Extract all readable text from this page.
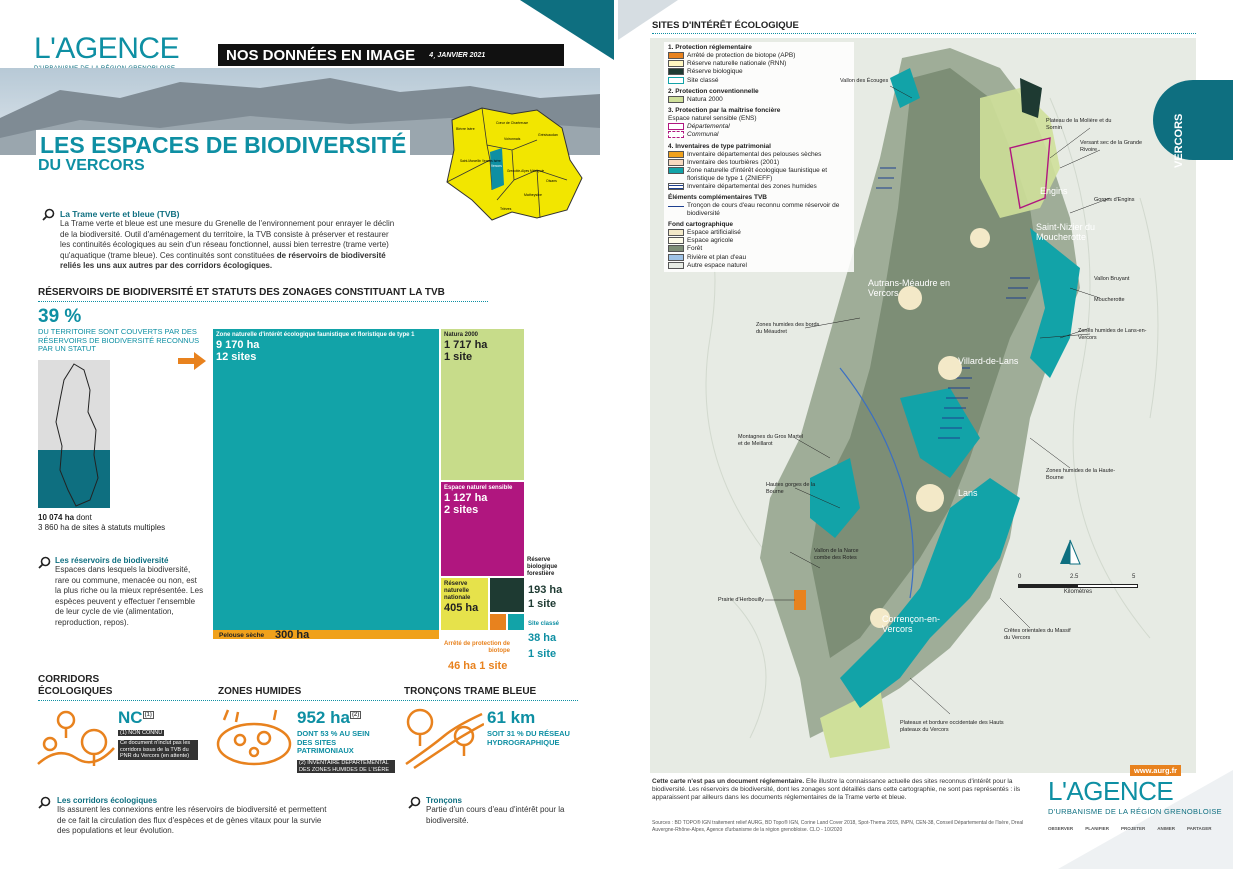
L'AGENCE	NOS DONNÉES EN IMAGE 4¸ JANVIER 2021
LES ESPACES DE BIODIVERSITÉ
DU VERCORS
Bièvre Isère
Cœur de Chartreuse
Grésivaudan
Saint-Marcellin Vercors Isère
Vercors
Grenoble-Alpes Métropole
Oisans
Trièves
Matheysine
Voironnais
La Trame verte et bleue (TVB)
La Trame verte et bleue est une mesure du Grenelle de l'environnement pour enrayer le déclin de la biodiversité. Outil d'aménagement du territoire, la TVB consiste à préserver et restaurer les continuités écologiques au sein d'un réseau fonctionnel, aussi bien terrestre (trame verte) qu'aquatique (trame bleue). Ces continuités sont constituées de réservoirs de biodiversité reliés les uns aux autres par des corridors écologiques.
RÉSERVOIRS DE BIODIVERSITÉ ET STATUTS DES ZONAGES CONSTITUANT LA TVB
39 %
DU TERRITOIRE SONT COUVERTS PAR DES RÉSERVOIRS DE BIODIVERSITÉ RECONNUS PAR UN STATUT
10 074 ha dont
3 860 ha de sites à statuts multiples
Les réservoirs de biodiversité
Espaces dans lesquels la biodiversité, rare ou commune, menacée ou non, est la plus riche ou la mieux représentée. Les espèces peuvent y effectuer l'ensemble de leur cycle de vie (alimentation, reproduction, repos).
Zone naturelle d'intérêt écologique faunistique et floristique de type 1
9 170 ha
12 sites
Natura 2000
1 717 ha
1 site
Espace naturel sensible
1 127 ha
2 sites
Réserve naturelle nationale
405 ha
Pelouse sèche 300 ha
Réserve biologique forestière
193 ha
1 site
Site classé
38 ha
1 site
Arrêté de protection de biotope
46 ha 1 site
CORRIDORS ÉCOLOGIQUES	ZONES HUMIDES	TRONÇONS TRAME BLEUE
NC $^{(1)}$
(1) NON CONNU
Ce document n'inclut pas les corridors issus de la TVB du PNR du Vercors (en attente)
952 ha $^{(2)}$
DONT 53 % AU SEIN DES SITES PATRIMONIAUX
(2) INVENTAIRE DÉPARTEMENTAL DES ZONES HUMIDES DE L'ISÈRE
61 km
SOIT 31 % DU RÉSEAU HYDROGRAPHIQUE
Les corridors écologiques
Ils assurent les connexions entre les réservoirs de biodiversité et permettent de ce fait la circulation des flux d'espèces et de gènes vitaux pour la survie des populations et leur évolution.
Tronçons
Partie d'un cours d'eau d'intérêt pour la biodiversité.
SITES D'INTÉRÊT ÉCOLOGIQUE
1. Protection réglementaire
Arrêté de protection de biotope (APB)
Réserve naturelle nationale (RNN)
Réserve biologique
Site classé
2. Protection conventionnelle
Natura 2000
3. Protection par la maîtrise foncière
Espace naturel sensible (ENS)
Départemental
Communal
4. Inventaires de type patrimonial
Inventaire départemental des pelouses sèches
Inventaire des tourbières (2001)
Zone naturelle d'intérêt écologique faunistique et floristique de type 1 (ZNIEFF)
Inventaire départemental des zones humides
Éléments complémentaires TVB
Tronçon de cours d'eau reconnu comme réservoir de biodiversité
Fond cartographique
Espace artificialisé
Espace agricole
Forêt
Rivière et plan d'eau
Autre espace naturel
Vallon des Écouges
Plateau de la Molière et du Sornin
Versant sec de la Grande Rivoire
Engins
Gorges d'Engins
Saint-Nizier du Moucherotte
Vallon Bruyant
Moucherotte
Autrans-Méaudre en Vercors
Zones humides des bords du Méaudret	Zones humides de Lans-en-Vercors
Villard-de-Lans
Montagnes du Gros Martel et de Meillarot
Zones humides de la Haute-Bourne
Hautes gorges de la Bourne	Lans
Vallon de la Narce combe des Rotes
Prairie d'Herbouilly
Corrençon-en-Vercors	Crêtes orientales du Massif du Vercors
Plateaux et bordure occidentale des Hauts plateaux du Vercors
0	2.5	5
Kilomètres
VERCORS
Cette carte n'est pas un document réglementaire. Elle illustre la connaissance actuelle des sites reconnus d'intérêt pour la biodiversité. Les réservoirs de biodiversité, dont les zonages sont détaillés dans cette cartographie, ne sont pas représentés : ils apparaissent par ailleurs dans les documents réglementaires de la Trame verte et bleue.
Sources : BD TOPO® IGN traitement relief AURG, BD Topo® IGN, Corine Land Cover 2018, Spot-Thema 2015, INPN, CEN-38, Conseil Départemental de l'Isère, Dreal Auvergne-Rhône-Alpes, Agence d'urbanisme de la région grenobloise. CLO - 10/2020
www.aurg.fr
L'AGENCE
D'URBANISME DE LA RÉGION GRENOBLOISE
OBSERVER	PLANIFIER	PROJETER	ANIMER	PARTAGER
